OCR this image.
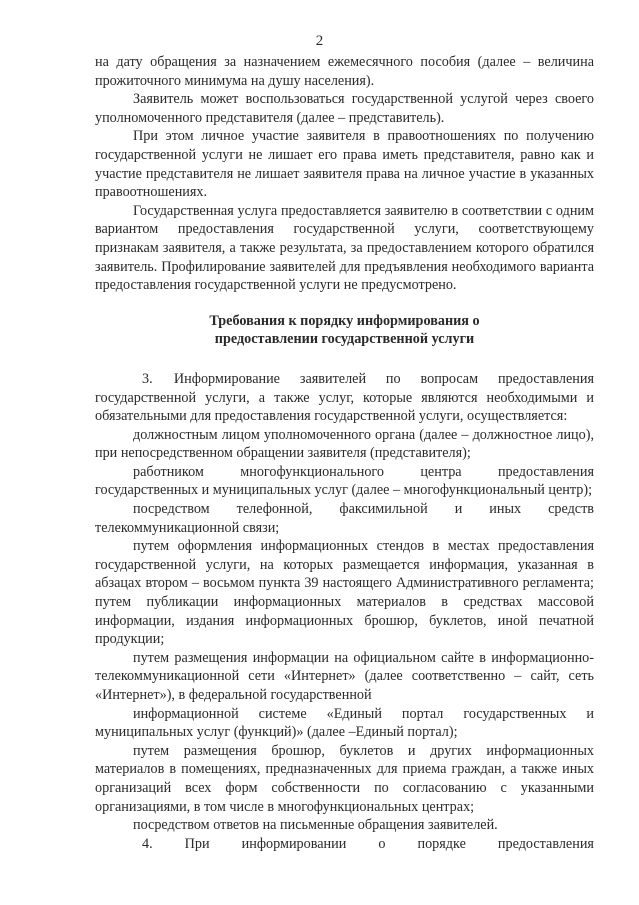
2

на дату обращения за назначением ежемесячного пособия (далее – величина прожиточного минимума на душу населения).

Заявитель может воспользоваться государственной услугой через своего уполномоченного представителя (далее – представитель).

При этом личное участие заявителя в правоотношениях по получению государственной услуги не лишает его права иметь представителя, равно как и участие представителя не лишает заявителя права на личное участие в указанных правоотношениях.

Государственная услуга предоставляется заявителю в соответствии с одним вариантом предоставления государственной услуги, соответствующему признакам заявителя, а также результата, за предоставлением которого обратился заявитель. Профилирование заявителей для предъявления необходимого варианта предоставления государственной услуги не предусмотрено.

Требования к порядку информирования о
предоставлении государственной услуги

3.  Информирование заявителей по вопросам предоставления государственной услуги, а также услуг, которые являются необходимыми и обязательными для предоставления государственной услуги, осуществляется:

должностным лицом уполномоченного органа (далее – должностное лицо), при непосредственном обращении заявителя (представителя);

работником многофункционального центра предоставления государственных и муниципальных услуг (далее – многофункциональный центр);

посредством телефонной, факсимильной и иных средств телекоммуникационной связи;

путем оформления информационных стендов в местах предоставления государственной услуги, на которых размещается информация, указанная в абзацах втором – восьмом пункта 39 настоящего Административного регламента; путем публикации информационных материалов в средствах массовой информации, издания информационных брошюр, буклетов, иной печатной продукции;

путем размещения информации на официальном сайте в информационно- телекоммуникационной сети «Интернет» (далее соответственно – сайт, сеть «Интернет»), в федеральной государственной

информационной системе «Единый портал государственных и муниципальных услуг (функций)» (далее –Единый портал);

путем размещения брошюр, буклетов и других информационных материалов в помещениях, предназначенных для приема граждан, а также иных организаций всех форм собственности по согласованию с указанными организациями, в том числе в многофункциональных центрах;

посредством ответов на письменные обращения заявителей.

4. При информировании о порядке предоставления
